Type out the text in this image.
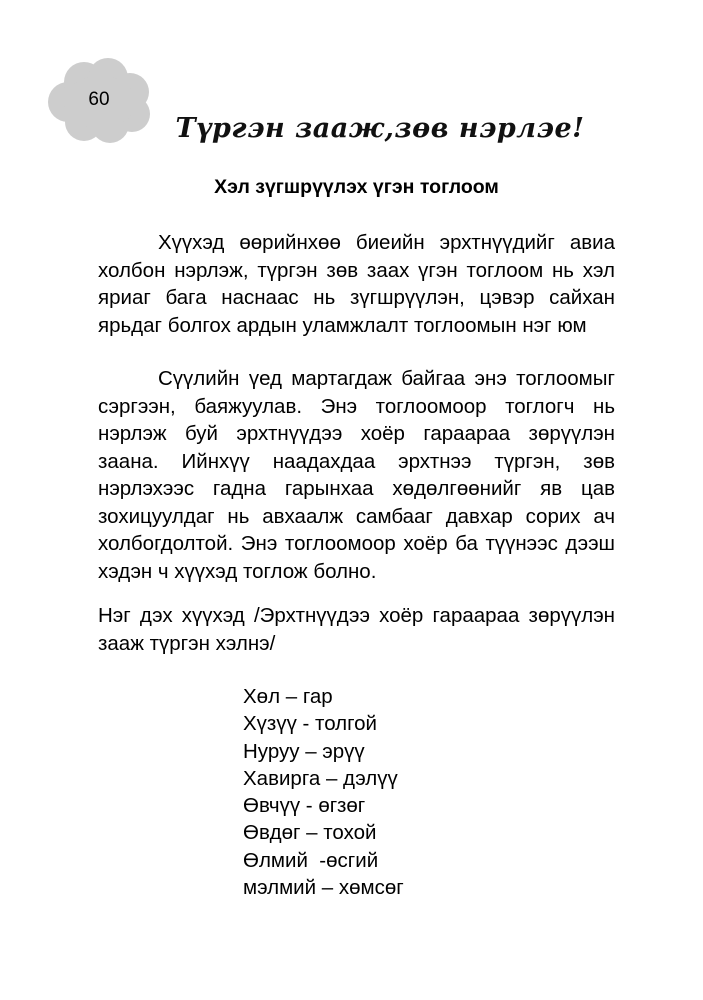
60
Түргэн зааж,зөв нэрлэе!
Хэл зүгшрүүлэх үгэн тоглоом

Хүүхэд өөрийнхөө биеийн эрхтнүүдийг авиа холбон нэрлэж, түргэн зөв заах үгэн тоглоом нь хэл яриаг бага наснаас нь зүгшрүүлэн, цэвэр сайхан ярьдаг болгох ардын уламжлалт тоглоомын нэг юм

Сүүлийн үед мартагдаж байгаа энэ тоглоомыг сэргээн, баяжуулав. Энэ тоглоомоор тоглогч нь нэрлэж буй эрхтнүүдээ хоёр гараараа зөрүүлэн заана. Ийнхүү наадахдаа эрхтнээ түргэн, зөв нэрлэхээс гадна гарынхаа хөдөлгөөнийг яв цав зохицуулдаг нь авхаалж самбааг давхар сорих ач холбогдолтой. Энэ тоглоомоор хоёр ба түүнээс дээш хэдэн ч хүүхэд тоглож болно.

Нэг дэх хүүхэд /Эрхтнүүдээ хоёр гараараа зөрүүлэн зааж түргэн хэлнэ/

Хөл – гар
Хүзүү - толгой
Нуруу – эрүү
Хавирга – дэлүү
Өвчүү - өгзөг
Өвдөг – тохой
Өлмий  -өсгий
мэлмий – хөмсөг
